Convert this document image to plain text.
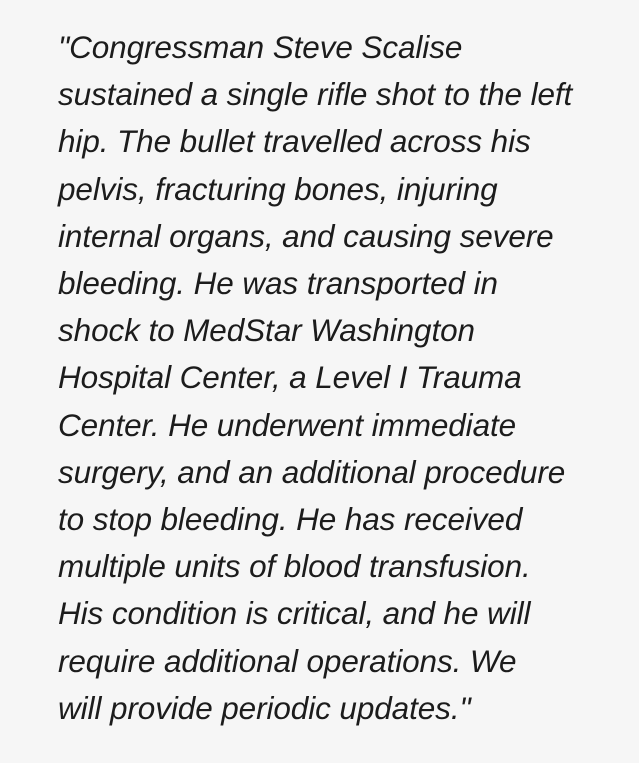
"Congressman Steve Scalise
sustained a single rifle shot to the left
hip. The bullet travelled across his
pelvis, fracturing bones, injuring
internal organs, and causing severe
bleeding. He was transported in
shock to MedStar Washington
Hospital Center, a Level I Trauma
Center. He underwent immediate
surgery, and an additional procedure
to stop bleeding. He has received
multiple units of blood transfusion.
His condition is critical, and he will
require additional operations. We
will provide periodic updates."
